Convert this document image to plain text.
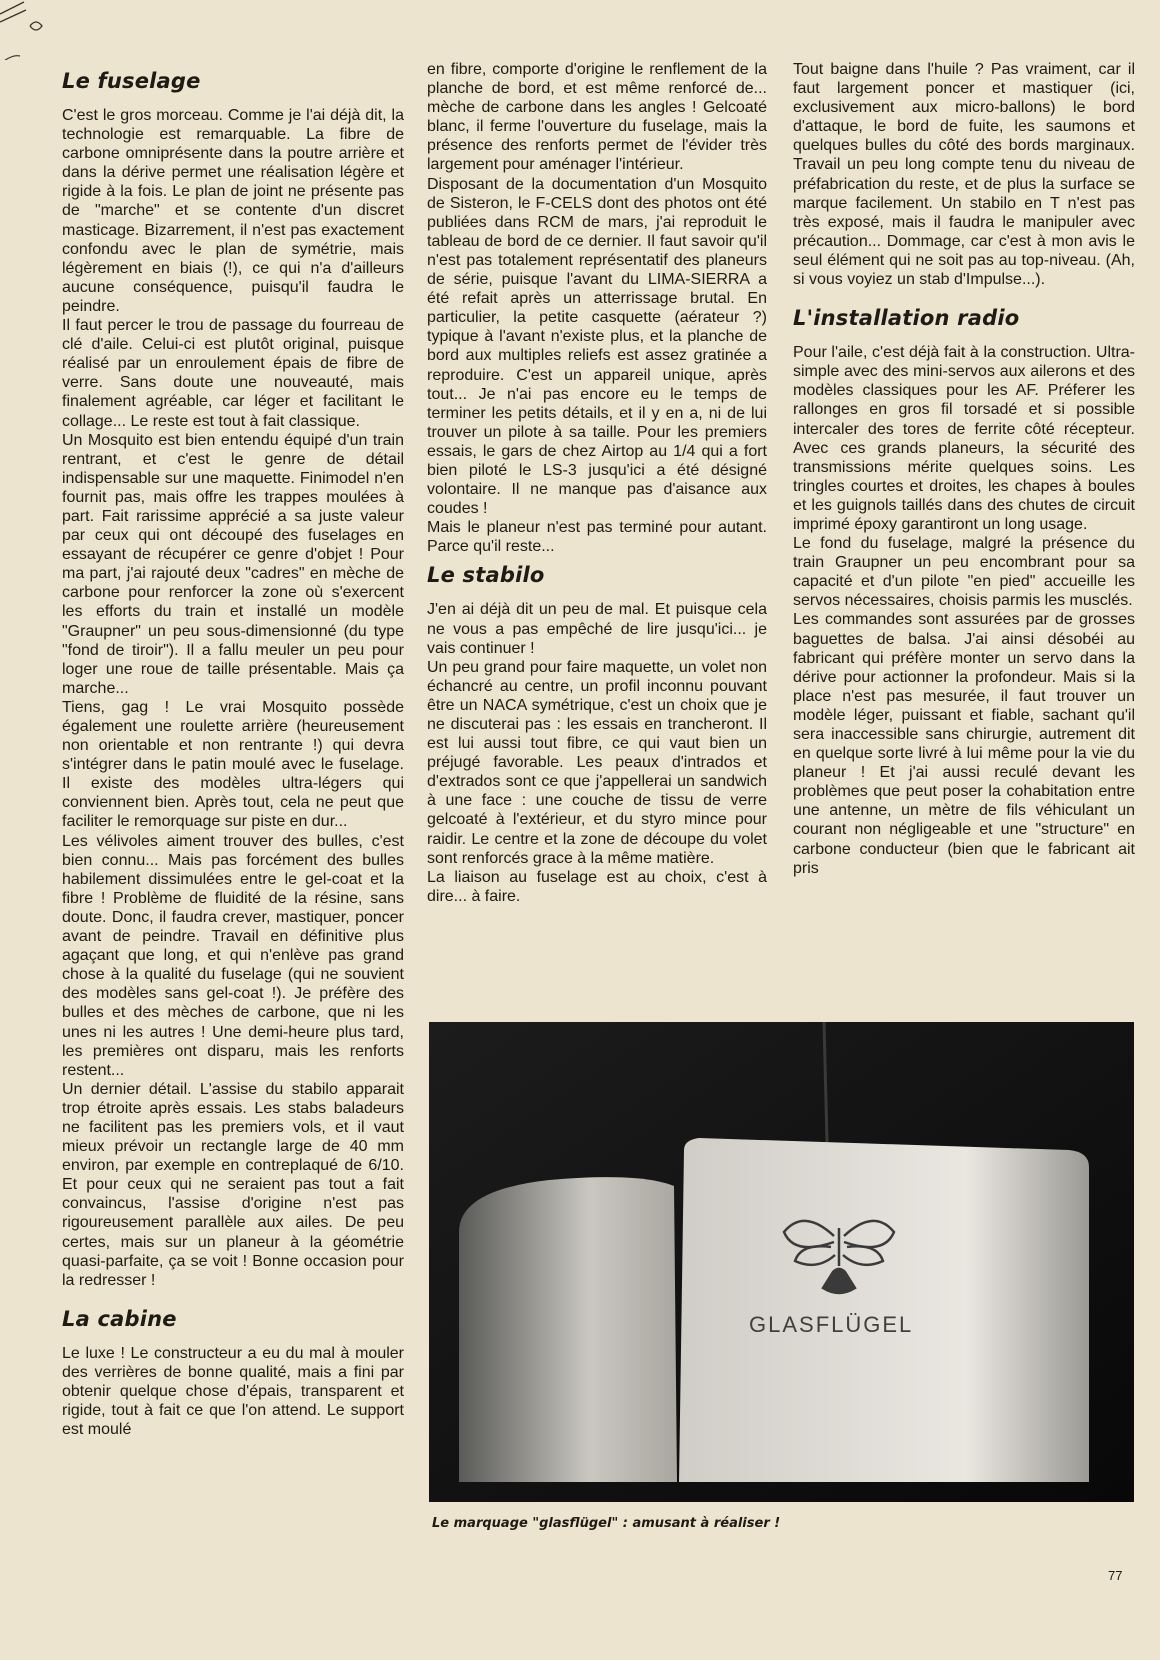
Le fuselage

C'est le gros morceau. Comme je l'ai déjà dit, la technologie est remarquable. La fibre de carbone omniprésente dans la poutre arrière et dans la dérive permet une réalisation légère et rigide à la fois. Le plan de joint ne présente pas de "marche" et se contente d'un discret masticage. Bizarrement, il n'est pas exactement confondu avec le plan de symétrie, mais légèrement en biais (!), ce qui n'a d'ailleurs aucune conséquence, puisqu'il faudra le peindre.

Il faut percer le trou de passage du fourreau de clé d'aile. Celui-ci est plutôt original, puisque réalisé par un enroulement épais de fibre de verre. Sans doute une nouveauté, mais finalement agréable, car léger et facilitant le collage... Le reste est tout à fait classique.

Un Mosquito est bien entendu équipé d'un train rentrant, et c'est le genre de détail indispensable sur une maquette. Finimodel n'en fournit pas, mais offre les trappes moulées à part. Fait rarissime apprécié a sa juste valeur par ceux qui ont découpé des fuselages en essayant de récupérer ce genre d'objet ! Pour ma part, j'ai rajouté deux "cadres" en mèche de carbone pour renforcer la zone où s'exercent les efforts du train et installé un modèle "Graupner" un peu sous-dimensionné (du type "fond de tiroir"). Il a fallu meuler un peu pour loger une roue de taille présentable. Mais ça marche...

Tiens, gag ! Le vrai Mosquito possède également une roulette arrière (heureusement non orientable et non rentrante !) qui devra s'intégrer dans le patin moulé avec le fuselage. Il existe des modèles ultra-légers qui conviennent bien. Après tout, cela ne peut que faciliter le remorquage sur piste en dur...

Les vélivoles aiment trouver des bulles, c'est bien connu... Mais pas forcément des bulles habilement dissimulées entre le gel-coat et la fibre ! Problème de fluidité de la résine, sans doute. Donc, il faudra crever, mastiquer, poncer avant de peindre. Travail en définitive plus agaçant que long, et qui n'enlève pas grand chose à la qualité du fuselage (qui ne souvient des modèles sans gel-coat !). Je préfère des bulles et des mèches de carbone, que ni les unes ni les autres ! Une demi-heure plus tard, les premières ont disparu, mais les renforts restent...

Un dernier détail. L'assise du stabilo apparait trop étroite après essais. Les stabs baladeurs ne facilitent pas les premiers vols, et il vaut mieux prévoir un rectangle large de 40 mm environ, par exemple en contreplaqué de 6/10. Et pour ceux qui ne seraient pas tout a fait convaincus, l'assise d'origine n'est pas rigoureusement parallèle aux ailes. De peu certes, mais sur un planeur à la géométrie quasi-parfaite, ça se voit ! Bonne occasion pour la redresser !

La cabine

Le luxe ! Le constructeur a eu du mal à mouler des verrières de bonne qualité, mais a fini par obtenir quelque chose d'épais, transparent et rigide, tout à fait ce que l'on attend. Le support est moulé

en fibre, comporte d'origine le renflement de la planche de bord, et est même renforcé de... mèche de carbone dans les angles ! Gelcoaté blanc, il ferme l'ouverture du fuselage, mais la présence des renforts permet de l'évider très largement pour aménager l'intérieur.

Disposant de la documentation d'un Mosquito de Sisteron, le F-CELS dont des photos ont été publiées dans RCM de mars, j'ai reproduit le tableau de bord de ce dernier. Il faut savoir qu'il n'est pas totalement représentatif des planeurs de série, puisque l'avant du LIMA-SIERRA a été refait après un atterrissage brutal. En particulier, la petite casquette (aérateur ?) typique à l'avant n'existe plus, et la planche de bord aux multiples reliefs est assez gratinée a reproduire. C'est un appareil unique, après tout... Je n'ai pas encore eu le temps de terminer les petits détails, et il y en a, ni de lui trouver un pilote à sa taille. Pour les premiers essais, le gars de chez Airtop au 1/4 qui a fort bien piloté le LS-3 jusqu'ici a été désigné volontaire. Il ne manque pas d'aisance aux coudes !

Mais le planeur n'est pas terminé pour autant. Parce qu'il reste...

Le stabilo

J'en ai déjà dit un peu de mal. Et puisque cela ne vous a pas empêché de lire jusqu'ici... je vais continuer !

Un peu grand pour faire maquette, un volet non échancré au centre, un profil inconnu pouvant être un NACA symétrique, c'est un choix que je ne discuterai pas : les essais en trancheront. Il est lui aussi tout fibre, ce qui vaut bien un préjugé favorable. Les peaux d'intrados et d'extrados sont ce que j'appellerai un sandwich à une face : une couche de tissu de verre gelcoaté à l'extérieur, et du styro mince pour raidir. Le centre et la zone de découpe du volet sont renforcés grace à la même matière.

La liaison au fuselage est au choix, c'est à dire... à faire.

Tout baigne dans l'huile ? Pas vraiment, car il faut largement poncer et mastiquer (ici, exclusivement aux micro-ballons) le bord d'attaque, le bord de fuite, les saumons et quelques bulles du côté des bords marginaux. Travail un peu long compte tenu du niveau de préfabrication du reste, et de plus la surface se marque facilement. Un stabilo en T n'est pas très exposé, mais il faudra le manipuler avec précaution... Dommage, car c'est à mon avis le seul élément qui ne soit pas au top-niveau. (Ah, si vous voyiez un stab d'Impulse...).

L'installation radio

Pour l'aile, c'est déjà fait à la construction. Ultra-simple avec des mini-servos aux ailerons et des modèles classiques pour les AF. Préferer les rallonges en gros fil torsadé et si possible intercaler des tores de ferrite côté récepteur. Avec ces grands planeurs, la sécurité des transmissions mérite quelques soins. Les tringles courtes et droites, les chapes à boules et les guignols taillés dans des chutes de circuit imprimé époxy garantiront un long usage.

Le fond du fuselage, malgré la présence du train Graupner un peu encombrant pour sa capacité et d'un pilote "en pied" accueille les servos nécessaires, choisis parmis les musclés.

Les commandes sont assurées par de grosses baguettes de balsa. J'ai ainsi désobéi au fabricant qui préfère monter un servo dans la dérive pour actionner la profondeur. Mais si la place n'est pas mesurée, il faut trouver un modèle léger, puissant et fiable, sachant qu'il sera inaccessible sans chirurgie, autrement dit en quelque sorte livré à lui même pour la vie du planeur ! Et j'ai aussi reculé devant les problèmes que peut poser la cohabitation entre une antenne, un mètre de fils véhiculant un courant non négligeable et une "structure" en carbone conducteur (bien que le fabricant ait pris

GLASFLÜGEL
Le marquage "glasflügel" : amusant à réaliser !
77
